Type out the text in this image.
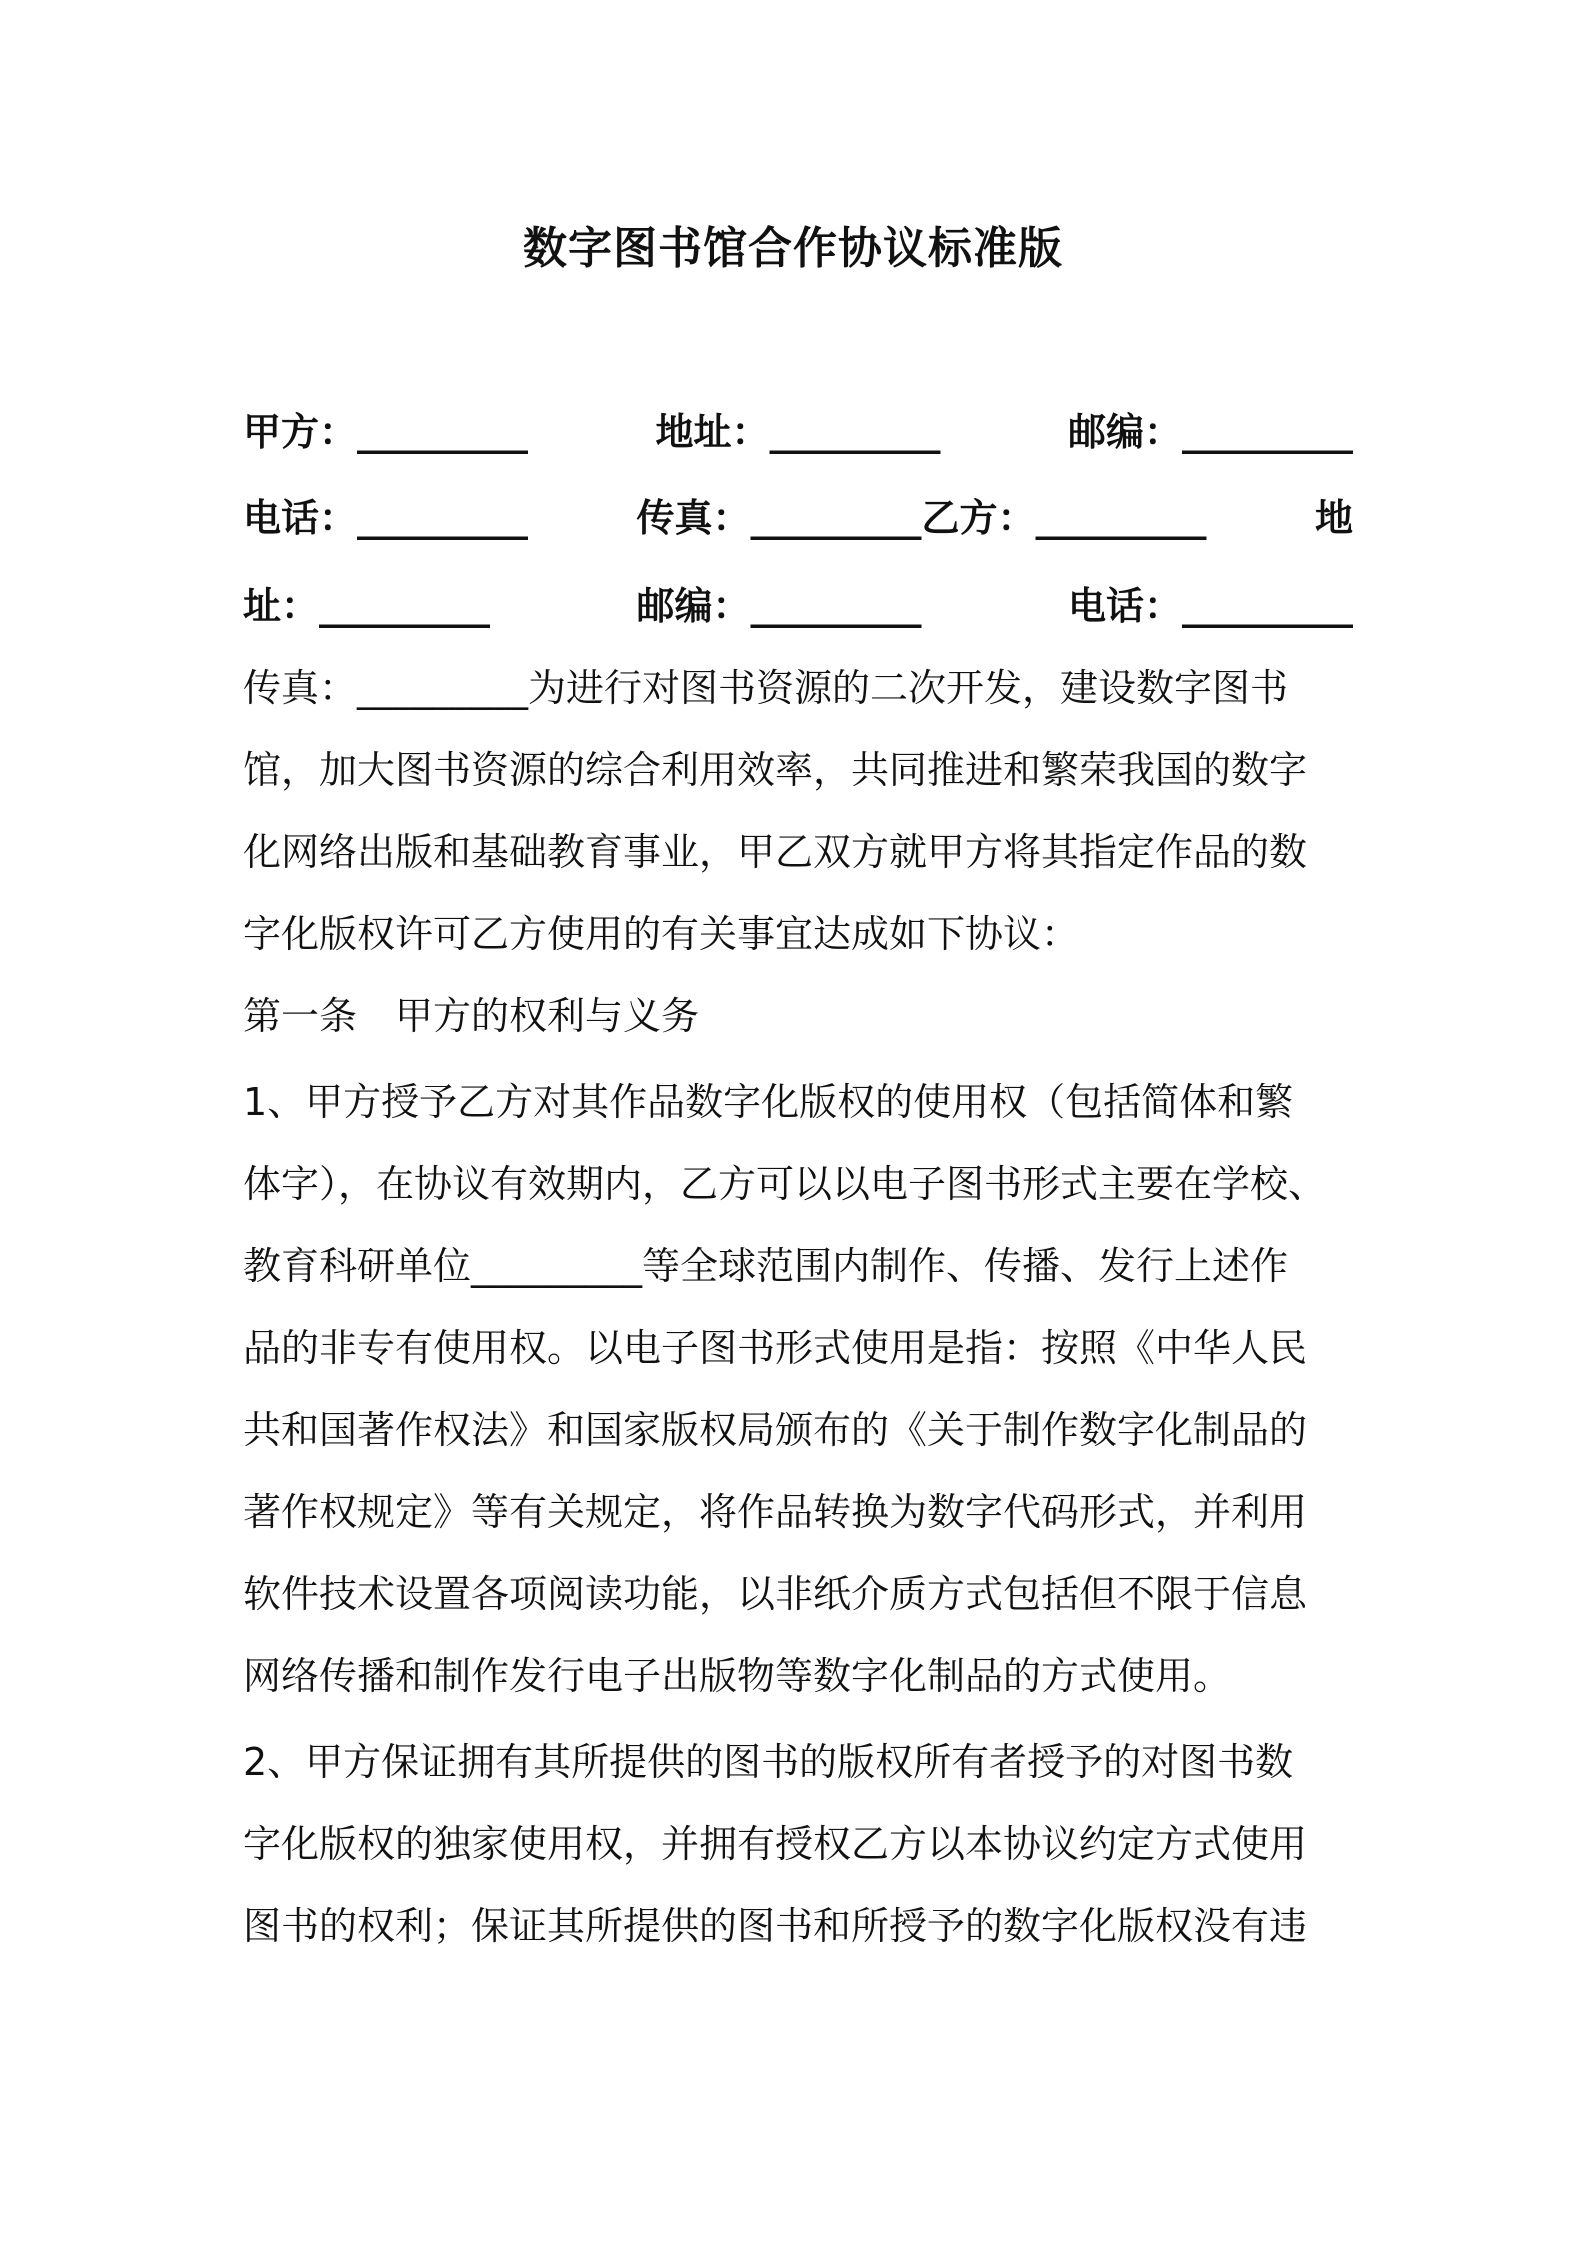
数字图书馆合作协议标准版
甲方：_________	地址：_________	邮编：_________
电话：_________	传真：_________乙方：_________	地
址：_________	邮编：_________	电话：_________
传真：_________为进行对图书资源的二次开发，建设数字图书
馆，加大图书资源的综合利用效率，共同推进和繁荣我国的数字
化网络出版和基础教育事业，甲乙双方就甲方将其指定作品的数
字化版权许可乙方使用的有关事宜达成如下协议：
第一条　甲方的权利与义务
1、甲方授予乙方对其作品数字化版权的使用权（包括简体和繁
体字），在协议有效期内，乙方可以以电子图书形式主要在学校、
教育科研单位_________等全球范围内制作、传播、发行上述作
品的非专有使用权。以电子图书形式使用是指：按照《中华人民
共和国著作权法》和国家版权局颁布的《关于制作数字化制品的
著作权规定》等有关规定，将作品转换为数字代码形式，并利用
软件技术设置各项阅读功能，以非纸介质方式包括但不限于信息
网络传播和制作发行电子出版物等数字化制品的方式使用。
2、甲方保证拥有其所提供的图书的版权所有者授予的对图书数
字化版权的独家使用权，并拥有授权乙方以本协议约定方式使用
图书的权利；保证其所提供的图书和所授予的数字化版权没有违
